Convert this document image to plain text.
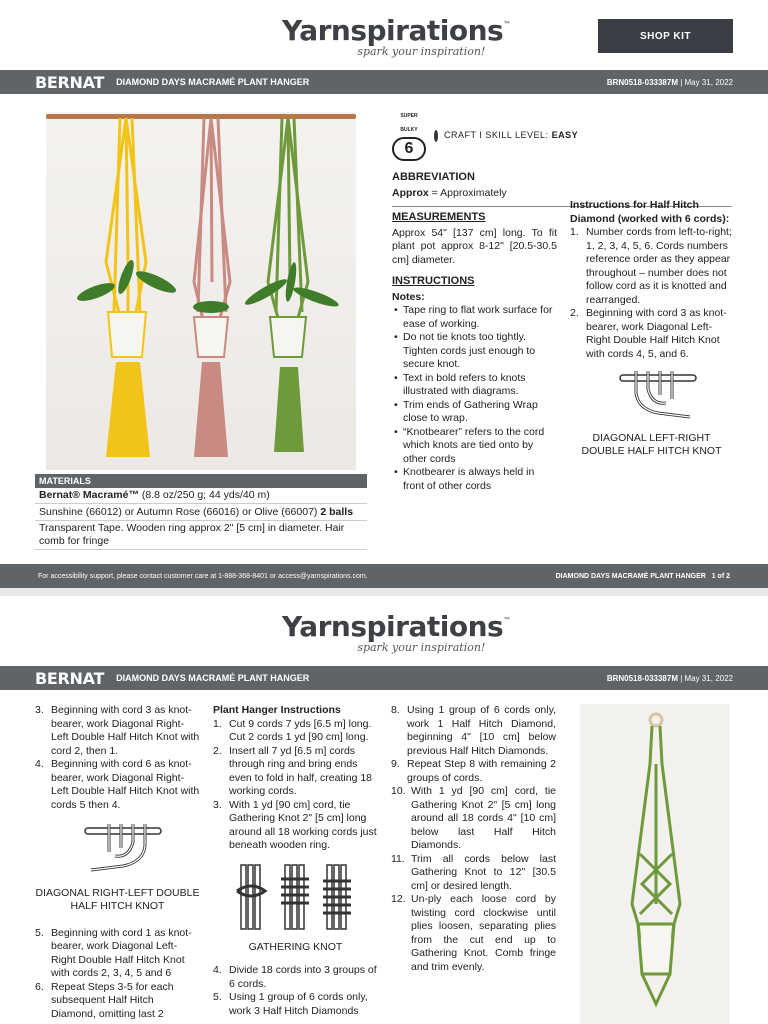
Yarnspirations™
spark your inspiration!
SHOP KIT
BERNAT DIAMOND DAYS MACRAMÉ PLANT HANGER	BRN0518-033387M | May 31, 2022
MATERIALS
Bernat® Macramé™ (8.8 oz/250 g; 44 yds/40 m)
Sunshine (66012) or Autumn Rose (66016) or Olive (66007) 2 balls
Transparent Tape. Wooden ring approx 2" [5 cm] in diameter. Hair comb for fringe
SUPER BULKY
6
CRAFT I SKILL LEVEL: EASY
ABBREVIATION
Approx = Approximately
MEASUREMENTS
Approx 54" [137 cm] long. To fit plant pot approx 8-12" [20.5-30.5 cm] diameter.
INSTRUCTIONS
Notes:
• Tape ring to flat work surface for ease of working.
• Do not tie knots too tightly. Tighten cords just enough to secure knot.
• Text in bold refers to knots illustrated with diagrams.
• Trim ends of Gathering Wrap close to wrap.
• “Knotbearer” refers to the cord which knots are tied onto by other cords
• Knotbearer is always held in front of other cords
Instructions for Half Hitch Diamond (worked with 6 cords):
1. Number cords from left-to-right; 1, 2, 3, 4, 5, 6. Cords numbers reference order as they appear throughout – number does not follow cord as it is knotted and rearranged.
2. Beginning with cord 3 as knot-bearer, work Diagonal Left-Right Double Half Hitch Knot with cords 4, 5, and 6.
DIAGONAL LEFT-RIGHT DOUBLE HALF HITCH KNOT
For accessibility support, please contact customer care at 1-888-368-8401 or access@yarnspirations.com.	DIAMOND DAYS MACRAMÉ PLANT HANGER 1 of 2
Yarnspirations™
spark your inspiration!
BERNAT DIAMOND DAYS MACRAMÉ PLANT HANGER	BRN0518-033387M | May 31, 2022
3. Beginning with cord 3 as knot-bearer, work Diagonal Right-Left Double Half Hitch Knot with cord 2, then 1.
4. Beginning with cord 6 as knot-bearer, work Diagonal Right-Left Double Half Hitch Knot with cords 5 then 4.
DIAGONAL RIGHT-LEFT DOUBLE HALF HITCH KNOT
5. Beginning with cord 1 as knot-bearer, work Diagonal Left-Right Double Half Hitch Knot with cords 2, 3, 4, 5 and 6
6. Repeat Steps 3-5 for each subsequent Half Hitch Diamond, omitting last 2
Plant Hanger Instructions
1. Cut 9 cords 7 yds [6.5 m] long. Cut 2 cords 1 yd [90 cm] long.
2. Insert all 7 yd [6.5 m] cords through ring and bring ends even to fold in half, creating 18 working cords.
3. With 1 yd [90 cm] cord, tie Gathering Knot 2" [5 cm] long around all 18 working cords just beneath wooden ring.
GATHERING KNOT
4. Divide 18 cords into 3 groups of 6 cords.
5. Using 1 group of 6 cords only, work 3 Half Hitch Diamonds
8. Using 1 group of 6 cords only, work 1 Half Hitch Diamond, beginning 4" [10 cm] below previous Half Hitch Diamonds.
9. Repeat Step 8 with remaining 2 groups of cords.
10. With 1 yd [90 cm] cord, tie Gathering Knot 2" [5 cm] long around all 18 cords 4" [10 cm] below last Half Hitch Diamonds.
11. Trim all cords below last Gathering Knot to 12" [30.5 cm] or desired length.
12. Un-ply each loose cord by twisting cord clockwise until plies loosen, separating plies from the cut end up to Gathering Knot. Comb fringe and trim evenly.
